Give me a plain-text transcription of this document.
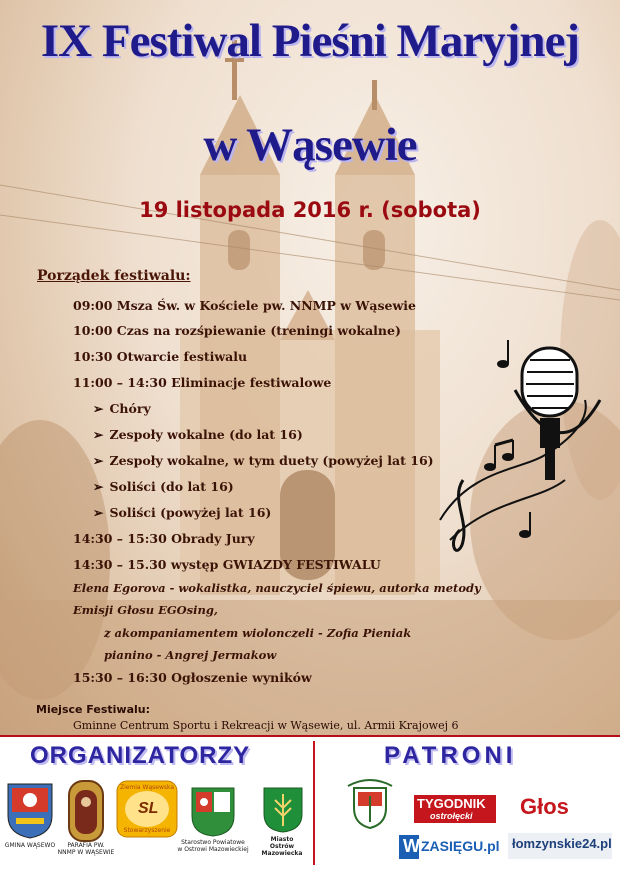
IX Festiwal Pieśni Maryjnej
w Wąsewie
19 listopada 2016 r. (sobota)
Porządek festiwalu:
09:00 Msza Św. w Kościele pw. NNMP w Wąsewie
10:00 Czas na rozśpiewanie (treningi wokalne)
10:30 Otwarcie festiwalu
11:00 – 14:30 Eliminacje festiwalowe
➢ Chóry
➢ Zespoły wokalne (do lat 16)
➢ Zespoły wokalne, w tym duety (powyżej lat 16)
➢ Soliści (do lat 16)
➢ Soliści (powyżej lat 16)
14:30 – 15:30 Obrady Jury
14:30 – 15.30 występ GWIAZDY FESTIWALU
Elena Egorova - wokalistka, nauczyciel śpiewu, autorka metody
Emisji Głosu EGOsing,
z akompaniamentem wiolonczeli - Zofia Pieniak
pianino - Angrej Jermakow
15:30 – 16:30 Ogłoszenie wyników
Miejsce Festiwalu:
Gminne Centrum Sportu i Rekreacji w Wąsewie, ul. Armii Krajowej 6
ORGANIZATORZY	PATRONI
GMINA WĄSEWO	PARAFIA PW.
NNMP W WĄSEWIE
Ziemia Wąsewska
SL
Stowarzyszenie
Starostwo Powiatowe
w Ostrowi Mazowieckiej
Miasto
Ostrów
Mazowiecka
TYGODNIK
ostrołęcki Głos
W ZASIĘGU.pl łomzynskie24.pl
